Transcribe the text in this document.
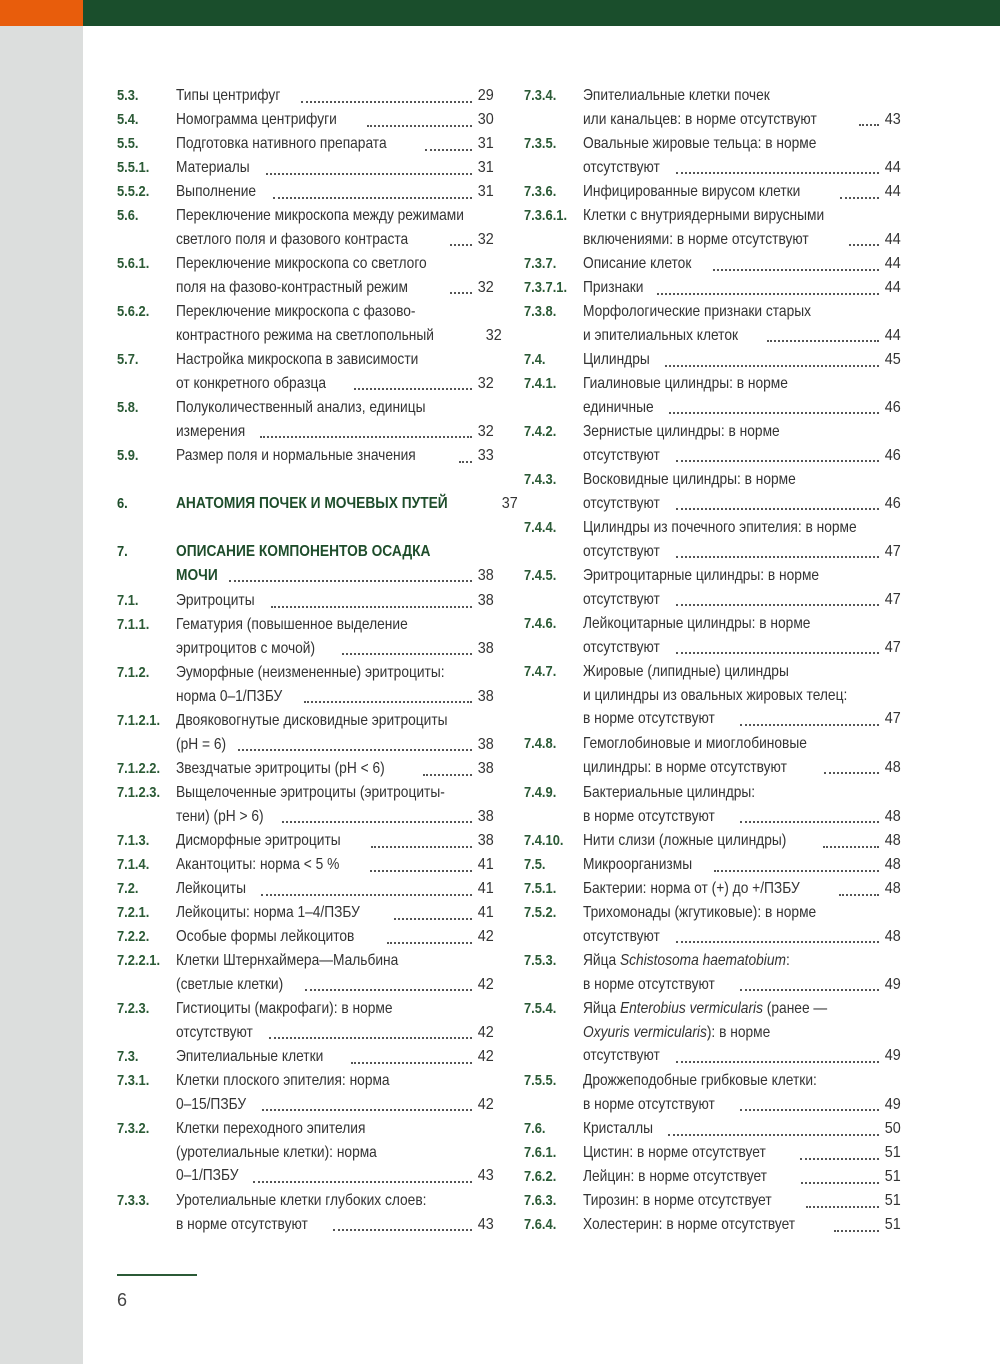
5.3. Типы центрифуг	29
5.4. Номограмма центрифуги	30
5.5. Подготовка нативного препарата	31
5.5.1. Материалы	31
5.5.2. Выполнение	31
5.6. Переключение микроскопа между режимами
светлого поля и фазового контраста	32
5.6.1. Переключение микроскопа со светлого
поля на фазово-контрастный режим	32
5.6.2. Переключение микроскопа с фазово-
контрастного режима на светлопольный	32
5.7. Настройка микроскопа в зависимости
от конкретного образца	32
5.8. Полуколичественный анализ, единицы
измерения	32
5.9. Размер поля и нормальные значения	33
6.	АНАТОМИЯ ПОЧЕК И МОЧЕВЫХ ПУТЕЙ	37
7.	ОПИСАНИЕ КОМПОНЕНТОВ ОСАДКА
МОЧИ	38
7.1. Эритроциты	38
7.1.1. Гематурия (повышенное выделение
эритроцитов с мочой)	38
7.1.2. Эуморфные (неизмененные) эритроциты:
норма 0–1/ПЗБУ	38
7.1.2.1. Двояковогнутые дисковидные эритроциты
(pH = 6)	38
7.1.2.2. Звездчатые эритроциты (pH < 6)	38
7.1.2.3. Выщелоченные эритроциты (эритроциты-
тени) (pH > 6)	38
7.1.3. Дисморфные эритроциты	38
7.1.4. Акантоциты: норма < 5 %	41
7.2. Лейкоциты	41
7.2.1. Лейкоциты: норма 1–4/ПЗБУ	41
7.2.2. Особые формы лейкоцитов	42
7.2.2.1. Клетки Штернхаймера—Мальбина
(светлые клетки)	42
7.2.3. Гистиоциты (макрофаги): в норме
отсутствуют	42
7.3. Эпителиальные клетки	42
7.3.1. Клетки плоского эпителия: норма
0–15/ПЗБУ	42
7.3.2. Клетки переходного эпителия
(уротелиальные клетки): норма
0–1/ПЗБУ	43
7.3.3. Уротелиальные клетки глубоких слоев:
в норме отсутствуют	43
7.3.4. Эпителиальные клетки почек
или канальцев: в норме отсутствуют	43
7.3.5. Овальные жировые тельца: в норме
отсутствуют	44
7.3.6. Инфицированные вирусом клетки	44
7.3.6.1. Клетки с внутриядерными вирусными
включениями: в норме отсутствуют	44
7.3.7. Описание клеток	44
7.3.7.1. Признаки	44
7.3.8. Морфологические признаки старых
и эпителиальных клеток	44
7.4. Цилиндры	45
7.4.1. Гиалиновые цилиндры: в норме
единичные	46
7.4.2. Зернистые цилиндры: в норме
отсутствуют	46
7.4.3. Восковидные цилиндры: в норме
отсутствуют	46
7.4.4. Цилиндры из почечного эпителия: в норме
отсутствуют	47
7.4.5. Эритроцитарные цилиндры: в норме
отсутствуют	47
7.4.6. Лейкоцитарные цилиндры: в норме
отсутствуют	47
7.4.7. Жировые (липидные) цилиндры
и цилиндры из овальных жировых телец:
в норме отсутствуют	47
7.4.8. Гемоглобиновые и миоглобиновые
цилиндры: в норме отсутствуют	48
7.4.9. Бактериальные цилиндры:
в норме отсутствуют	48
7.4.10. Нити слизи (ложные цилиндры)	48
7.5. Микроорганизмы	48
7.5.1. Бактерии: норма от (+) до +/ПЗБУ	48
7.5.2. Трихомонады (жгутиковые): в норме
отсутствуют	48
7.5.3. Яйца Schistosoma haematobium:
в норме отсутствуют	49
7.5.4. Яйца Enterobius vermicularis (ранее —
Oxyuris vermicularis): в норме
отсутствуют	49
7.5.5. Дрожжеподобные грибковые клетки:
в норме отсутствуют	49
7.6. Кристаллы	50
7.6.1. Цистин: в норме отсутствует	51
7.6.2. Лейцин: в норме отсутствует	51
7.6.3. Тирозин: в норме отсутствует	51
7.6.4. Холестерин: в норме отсутствует	51
6
